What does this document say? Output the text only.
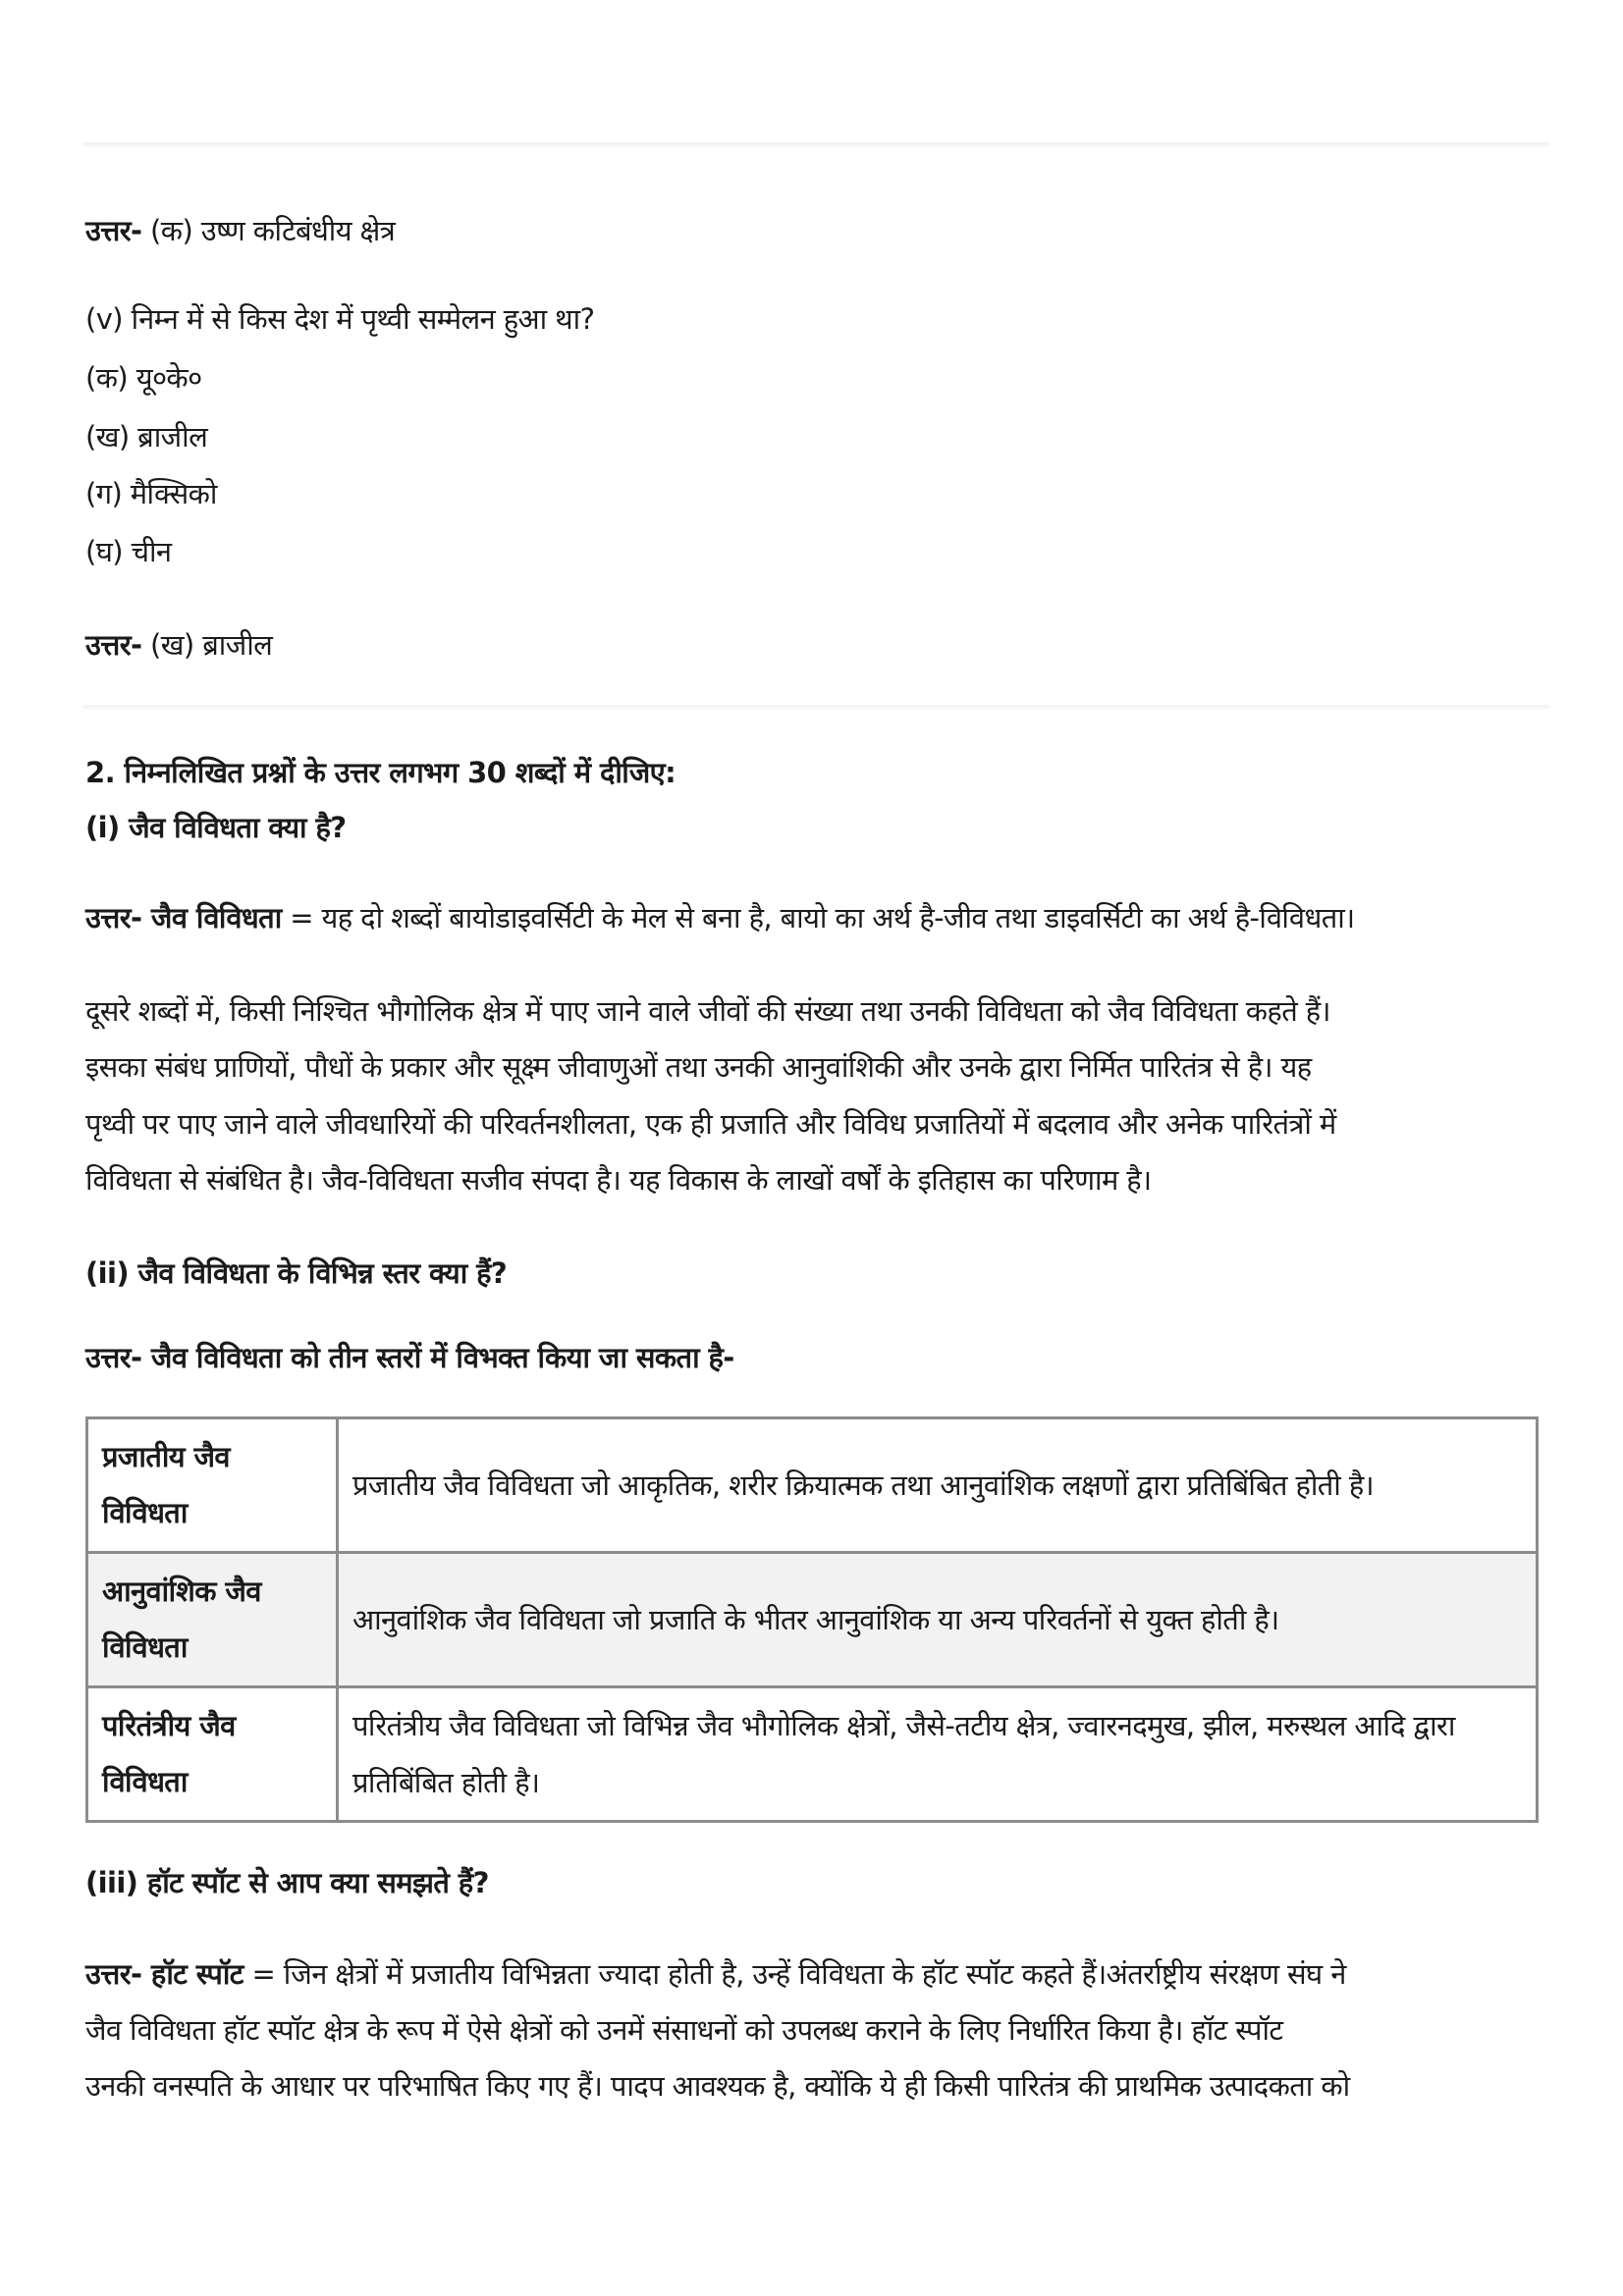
उत्तर- (क) उष्ण कटिबंधीय क्षेत्र
(v) निम्न में से किस देश में पृथ्वी सम्मेलन हुआ था?
(क) यू०के०
(ख) ब्राजील
(ग) मैक्सिको
(घ) चीन
उत्तर- (ख) ब्राजील
2. निम्नलिखित प्रश्नों के उत्तर लगभग 30 शब्दों में दीजिए:
(i) जैव विविधता क्या है?
उत्तर- जैव विविधता = यह दो शब्दों बायोडाइवर्सिटी के मेल से बना है, बायो का अर्थ है-जीव तथा डाइवर्सिटी का अर्थ है-विविधता।
दूसरे शब्दों में, किसी निश्चित भौगोलिक क्षेत्र में पाए जाने वाले जीवों की संख्या तथा उनकी विविधता को जैव विविधता कहते हैं।
इसका संबंध प्राणियों, पौधों के प्रकार और सूक्ष्म जीवाणुओं तथा उनकी आनुवांशिकी और उनके द्वारा निर्मित पारितंत्र से है। यह
पृथ्वी पर पाए जाने वाले जीवधारियों की परिवर्तनशीलता, एक ही प्रजाति और विविध प्रजातियों में बदलाव और अनेक पारितंत्रों में
विविधता से संबंधित है। जैव-विविधता सजीव संपदा है। यह विकास के लाखों वर्षों के इतिहास का परिणाम है।
(ii) जैव विविधता के विभिन्न स्तर क्या हैं?
उत्तर- जैव विविधता को तीन स्तरों में विभक्त किया जा सकता है-
प्रजातीय जैव विविधता	प्रजातीय जैव विविधता जो आकृतिक, शरीर क्रियात्मक तथा आनुवांशिक लक्षणों द्वारा प्रतिबिंबित होती है।
आनुवांशिक जैव विविधता	आनुवांशिक जैव विविधता जो प्रजाति के भीतर आनुवांशिक या अन्य परिवर्तनों से युक्त होती है।
परितंत्रीय जैव विविधता	परितंत्रीय जैव विविधता जो विभिन्न जैव भौगोलिक क्षेत्रों, जैसे-तटीय क्षेत्र, ज्वारनदमुख, झील, मरुस्थल आदि द्वारा प्रतिबिंबित होती है।
(iii) हॉट स्पॉट से आप क्या समझते हैं?
उत्तर- हॉट स्पॉट = जिन क्षेत्रों में प्रजातीय विभिन्नता ज्यादा होती है, उन्हें विविधता के हॉट स्पॉट कहते हैं।अंतर्राष्ट्रीय संरक्षण संघ ने
जैव विविधता हॉट स्पॉट क्षेत्र के रूप में ऐसे क्षेत्रों को उनमें संसाधनों को उपलब्ध कराने के लिए निर्धारित किया है। हॉट स्पॉट
उनकी वनस्पति के आधार पर परिभाषित किए गए हैं। पादप आवश्यक है, क्योंकि ये ही किसी पारितंत्र की प्राथमिक उत्पादकता को
